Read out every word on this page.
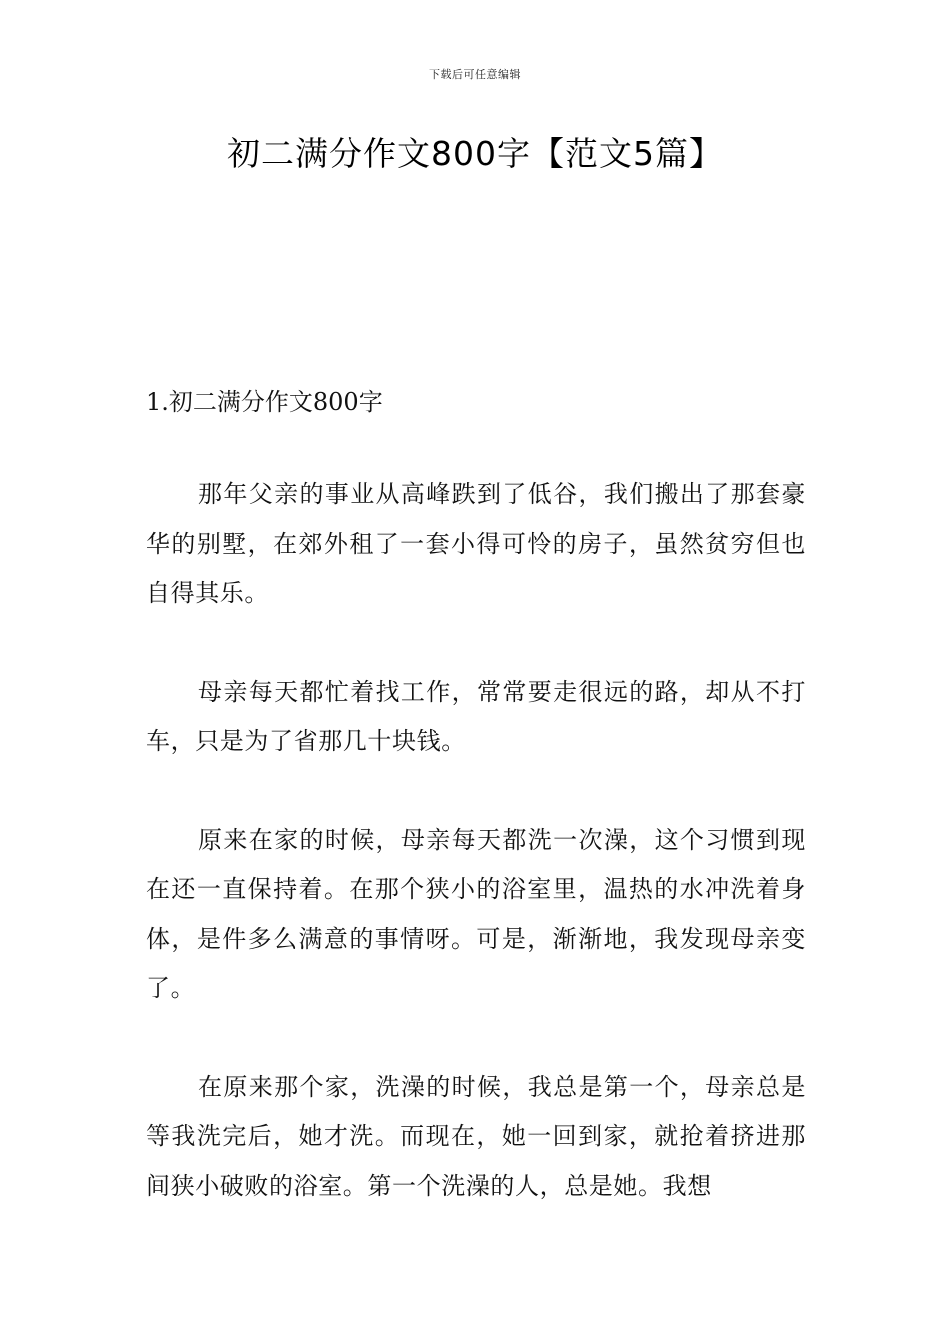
下载后可任意编辑
初二满分作文800字【范文5篇】
1.初二满分作文800字

那年父亲的事业从高峰跌到了低谷，我们搬出了那套豪华的别墅，在郊外租了一套小得可怜的房子，虽然贫穷但也自得其乐。

母亲每天都忙着找工作，常常要走很远的路，却从不打车，只是为了省那几十块钱。

原来在家的时候，母亲每天都洗一次澡，这个习惯到现在还一直保持着。在那个狭小的浴室里，温热的水冲洗着身体，是件多么满意的事情呀。可是，渐渐地，我发现母亲变了。

在原来那个家，洗澡的时候，我总是第一个，母亲总是等我洗完后，她才洗。而现在，她一回到家，就抢着挤进那间狭小破败的浴室。第一个洗澡的人，总是她。我想
